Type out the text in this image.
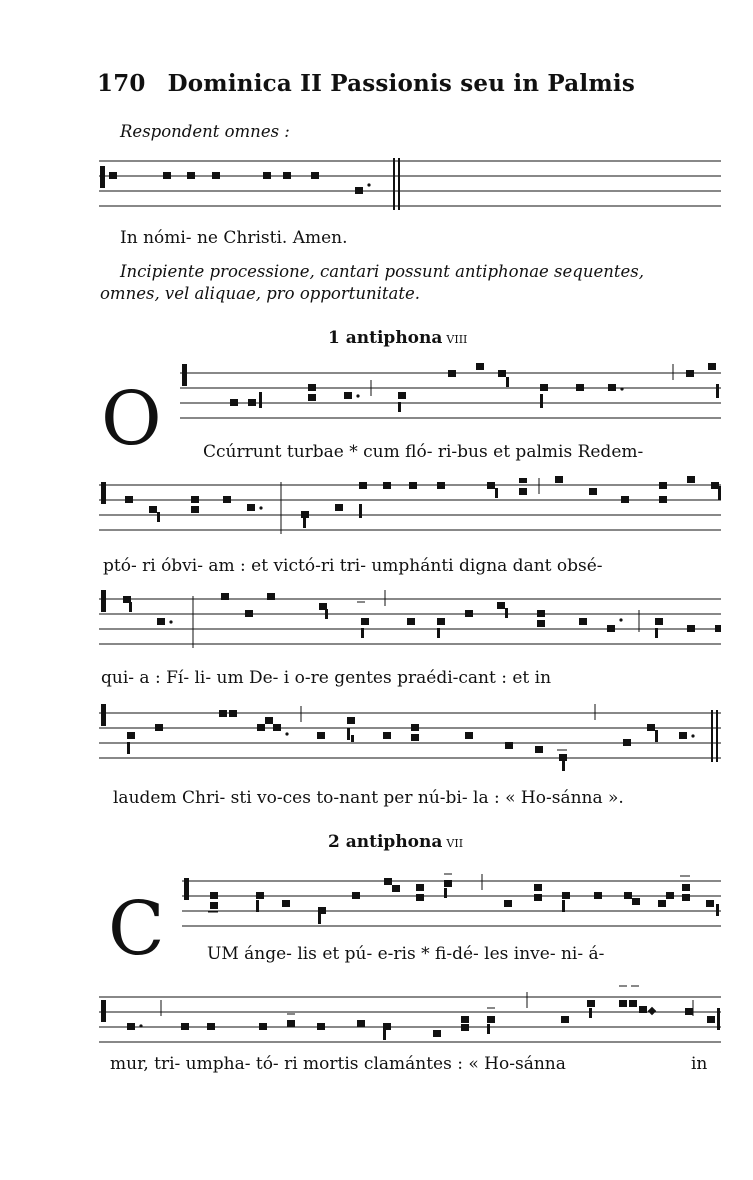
170 Dominica II Passionis seu in Palmis
Respondent omnes :
In nómi- ne Christi. Amen.
Incipiente processione, cantari possunt antiphonae sequentes,
omnes, vel aliquae, pro opportunitate.
1 antiphona viii
O Ccúrrunt turbae * cum fló- ri-bus et palmis Redem-
ptó- ri óbvi- am : et victó-ri tri- umphánti digna dant obsé-
qui- a : Fí- li- um De- i o-re gentes praédi-cant : et in
laudem Chri- sti vo-ces to-nant per nú-bi- la : « Ho-sánna ».
2 antiphona vii
C UM ánge- lis et pú- e-ris * fi-dé- les inve- ni- á-
mur, tri- umpha- tó- ri mortis clamántes : « Ho-sánna	in
